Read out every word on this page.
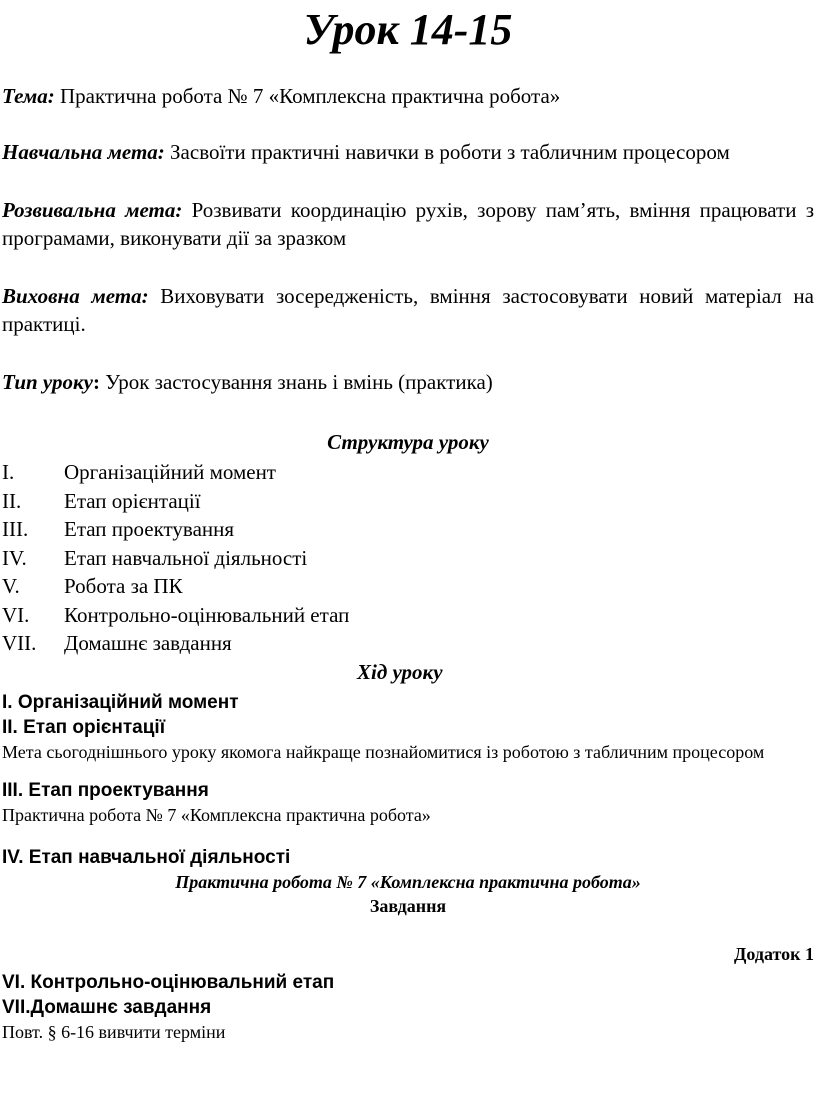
Урок 14-15

Тема: Практична робота № 7 «Комплексна практична робота»

Навчальна мета: Засвоїти практичні навички в роботи з табличним процесором

Розвивальна мета: Розвивати координацію рухів, зорову пам’ять, вміння працювати з програмами, виконувати дії за зразком

Виховна мета: Виховувати зосередженість, вміння застосовувати новий матеріал на практиці.

Тип уроку: Урок застосування знань і вмінь (практика)

Структура уроку

I.	Організаційний момент
II.	Етап орієнтації
III.	Етап проектування
IV.	Етап навчальної діяльності
V.	Робота за ПК
VI.	Контрольно-оцінювальний етап
VII.	Домашнє завдання

Хід уроку

I. Організаційний момент

II. Етап орієнтації

Мета сьогоднішнього уроку якомога найкраще познайомитися із роботою з табличним процесором

III. Етап проектування

Практична робота № 7 «Комплексна практична робота»

IV. Етап навчальної діяльності

Практична робота № 7 «Комплексна практична робота»

Завдання

Додаток 1

VI. Контрольно-оцінювальний етап

VII.Домашнє завдання

Повт. § 6-16 вивчити терміни
